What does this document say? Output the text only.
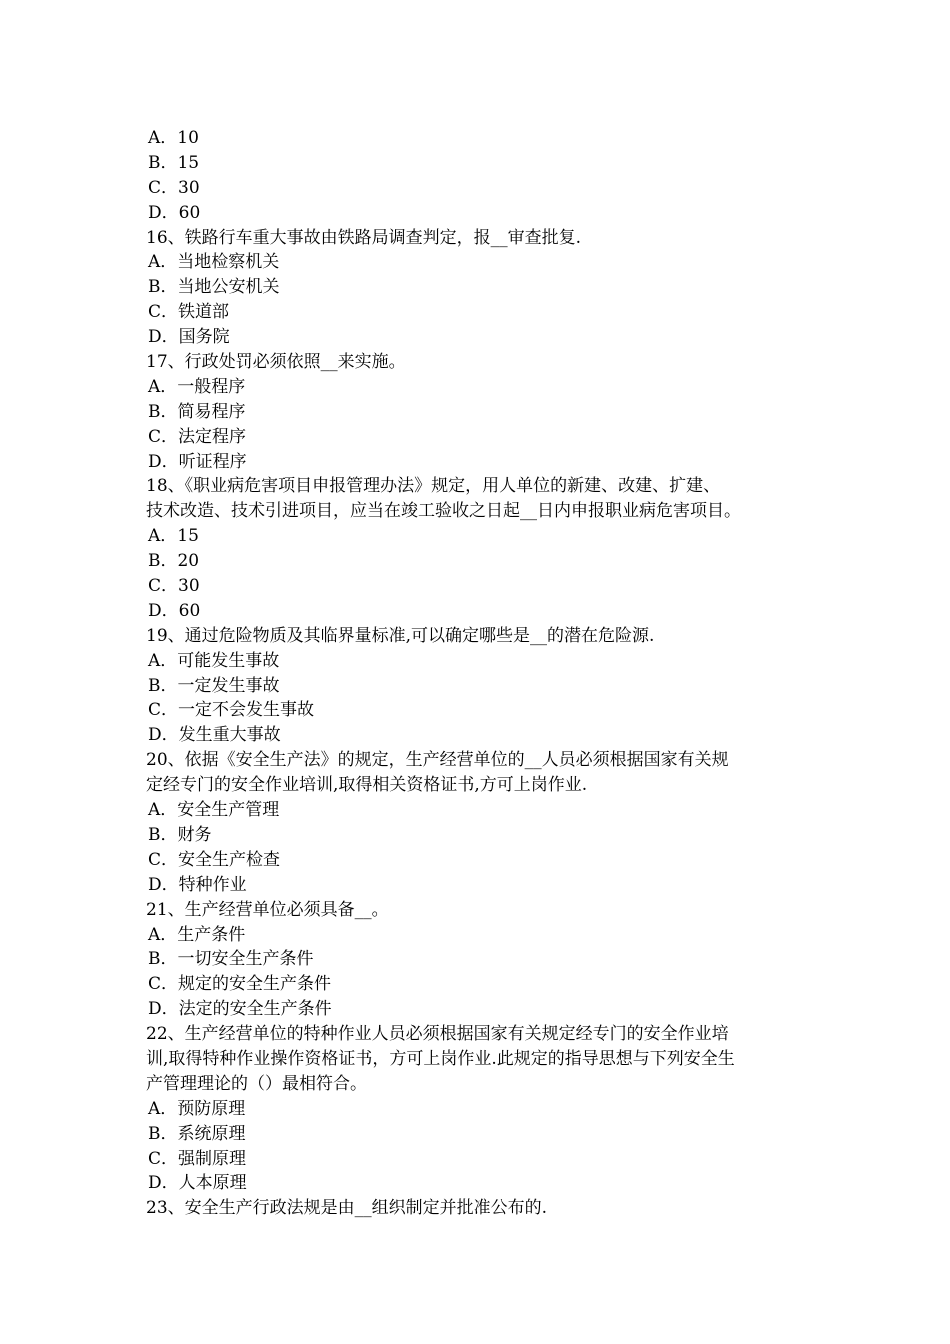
A．10
B．15
C．30
D．60
16、铁路行车重大事故由铁路局调查判定，报__审查批复.
A．当地检察机关
B．当地公安机关
C．铁道部
D．国务院
17、行政处罚必须依照__来实施。
A．一般程序
B．简易程序
C．法定程序
D．听证程序
18、《职业病危害项目申报管理办法》规定，用人单位的新建、改建、扩建、
技术改造、技术引进项目，应当在竣工验收之日起__日内申报职业病危害项目。
A．15
B．20
C．30
D．60
19、通过危险物质及其临界量标准,可以确定哪些是__的潜在危险源.
A．可能发生事故
B．一定发生事故
C．一定不会发生事故
D．发生重大事故
20、依据《安全生产法》的规定，生产经营单位的__人员必须根据国家有关规
定经专门的安全作业培训,取得相关资格证书,方可上岗作业.
A．安全生产管理
B．财务
C．安全生产检查
D．特种作业
21、生产经营单位必须具备__。
A．生产条件
B．一切安全生产条件
C．规定的安全生产条件
D．法定的安全生产条件
22、生产经营单位的特种作业人员必须根据国家有关规定经专门的安全作业培
训,取得特种作业操作资格证书，方可上岗作业.此规定的指导思想与下列安全生
产管理理论的（）最相符合。
A．预防原理
B．系统原理
C．强制原理
D．人本原理
23、安全生产行政法规是由__组织制定并批准公布的.
